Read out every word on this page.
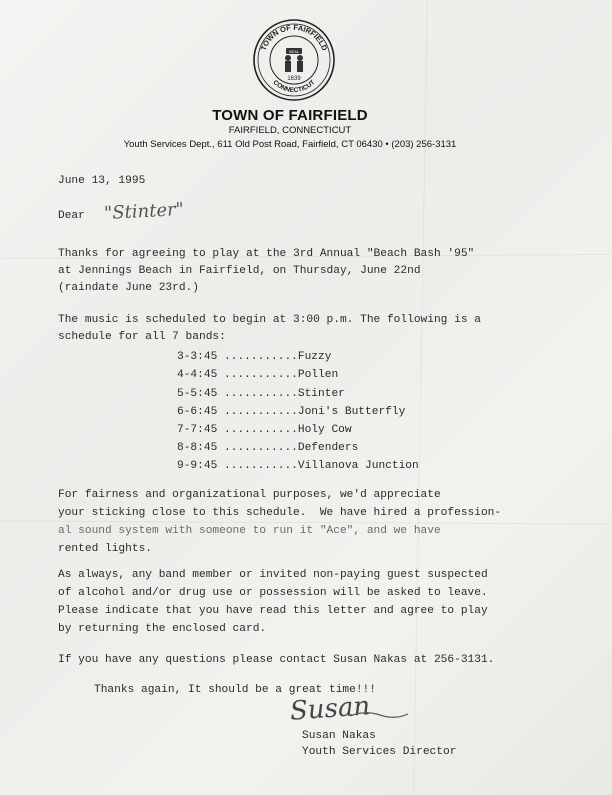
TOWN OF FAIRFIELD
CONNECTICUT
SEAL
1639
TOWN OF FAIRFIELD
FAIRFIELD, CONNECTICUT
Youth Services Dept., 611 Old Post Road, Fairfield, CT 06430 • (203) 256-3131
June 13, 1995
Dear "Stinter"
Thanks for agreeing to play at the 3rd Annual "Beach Bash '95"
at Jennings Beach in Fairfield, on Thursday, June 22nd
(raindate June 23rd.)
The music is scheduled to begin at 3:00 p.m. The following is a
schedule for all 7 bands:
3-3:45 ...........Fuzzy
4-4:45 ...........Pollen
5-5:45 ...........Stinter
6-6:45 ...........Joni's Butterfly
7-7:45 ...........Holy Cow
8-8:45 ...........Defenders
9-9:45 ...........Villanova Junction
For fairness and organizational purposes, we'd appreciate
your sticking close to this schedule.  We have hired a profession-
al sound system with someone to run it "Ace", and we have
rented lights.
As always, any band member or invited non-paying guest suspected
of alcohol and/or drug use or possession will be asked to leave.
Please indicate that you have read this letter and agree to play
by returning the enclosed card.
If you have any questions please contact Susan Nakas at 256-3131.
Thanks again, It should be a great time!!!
Susan
Susan Nakas
Youth Services Director
